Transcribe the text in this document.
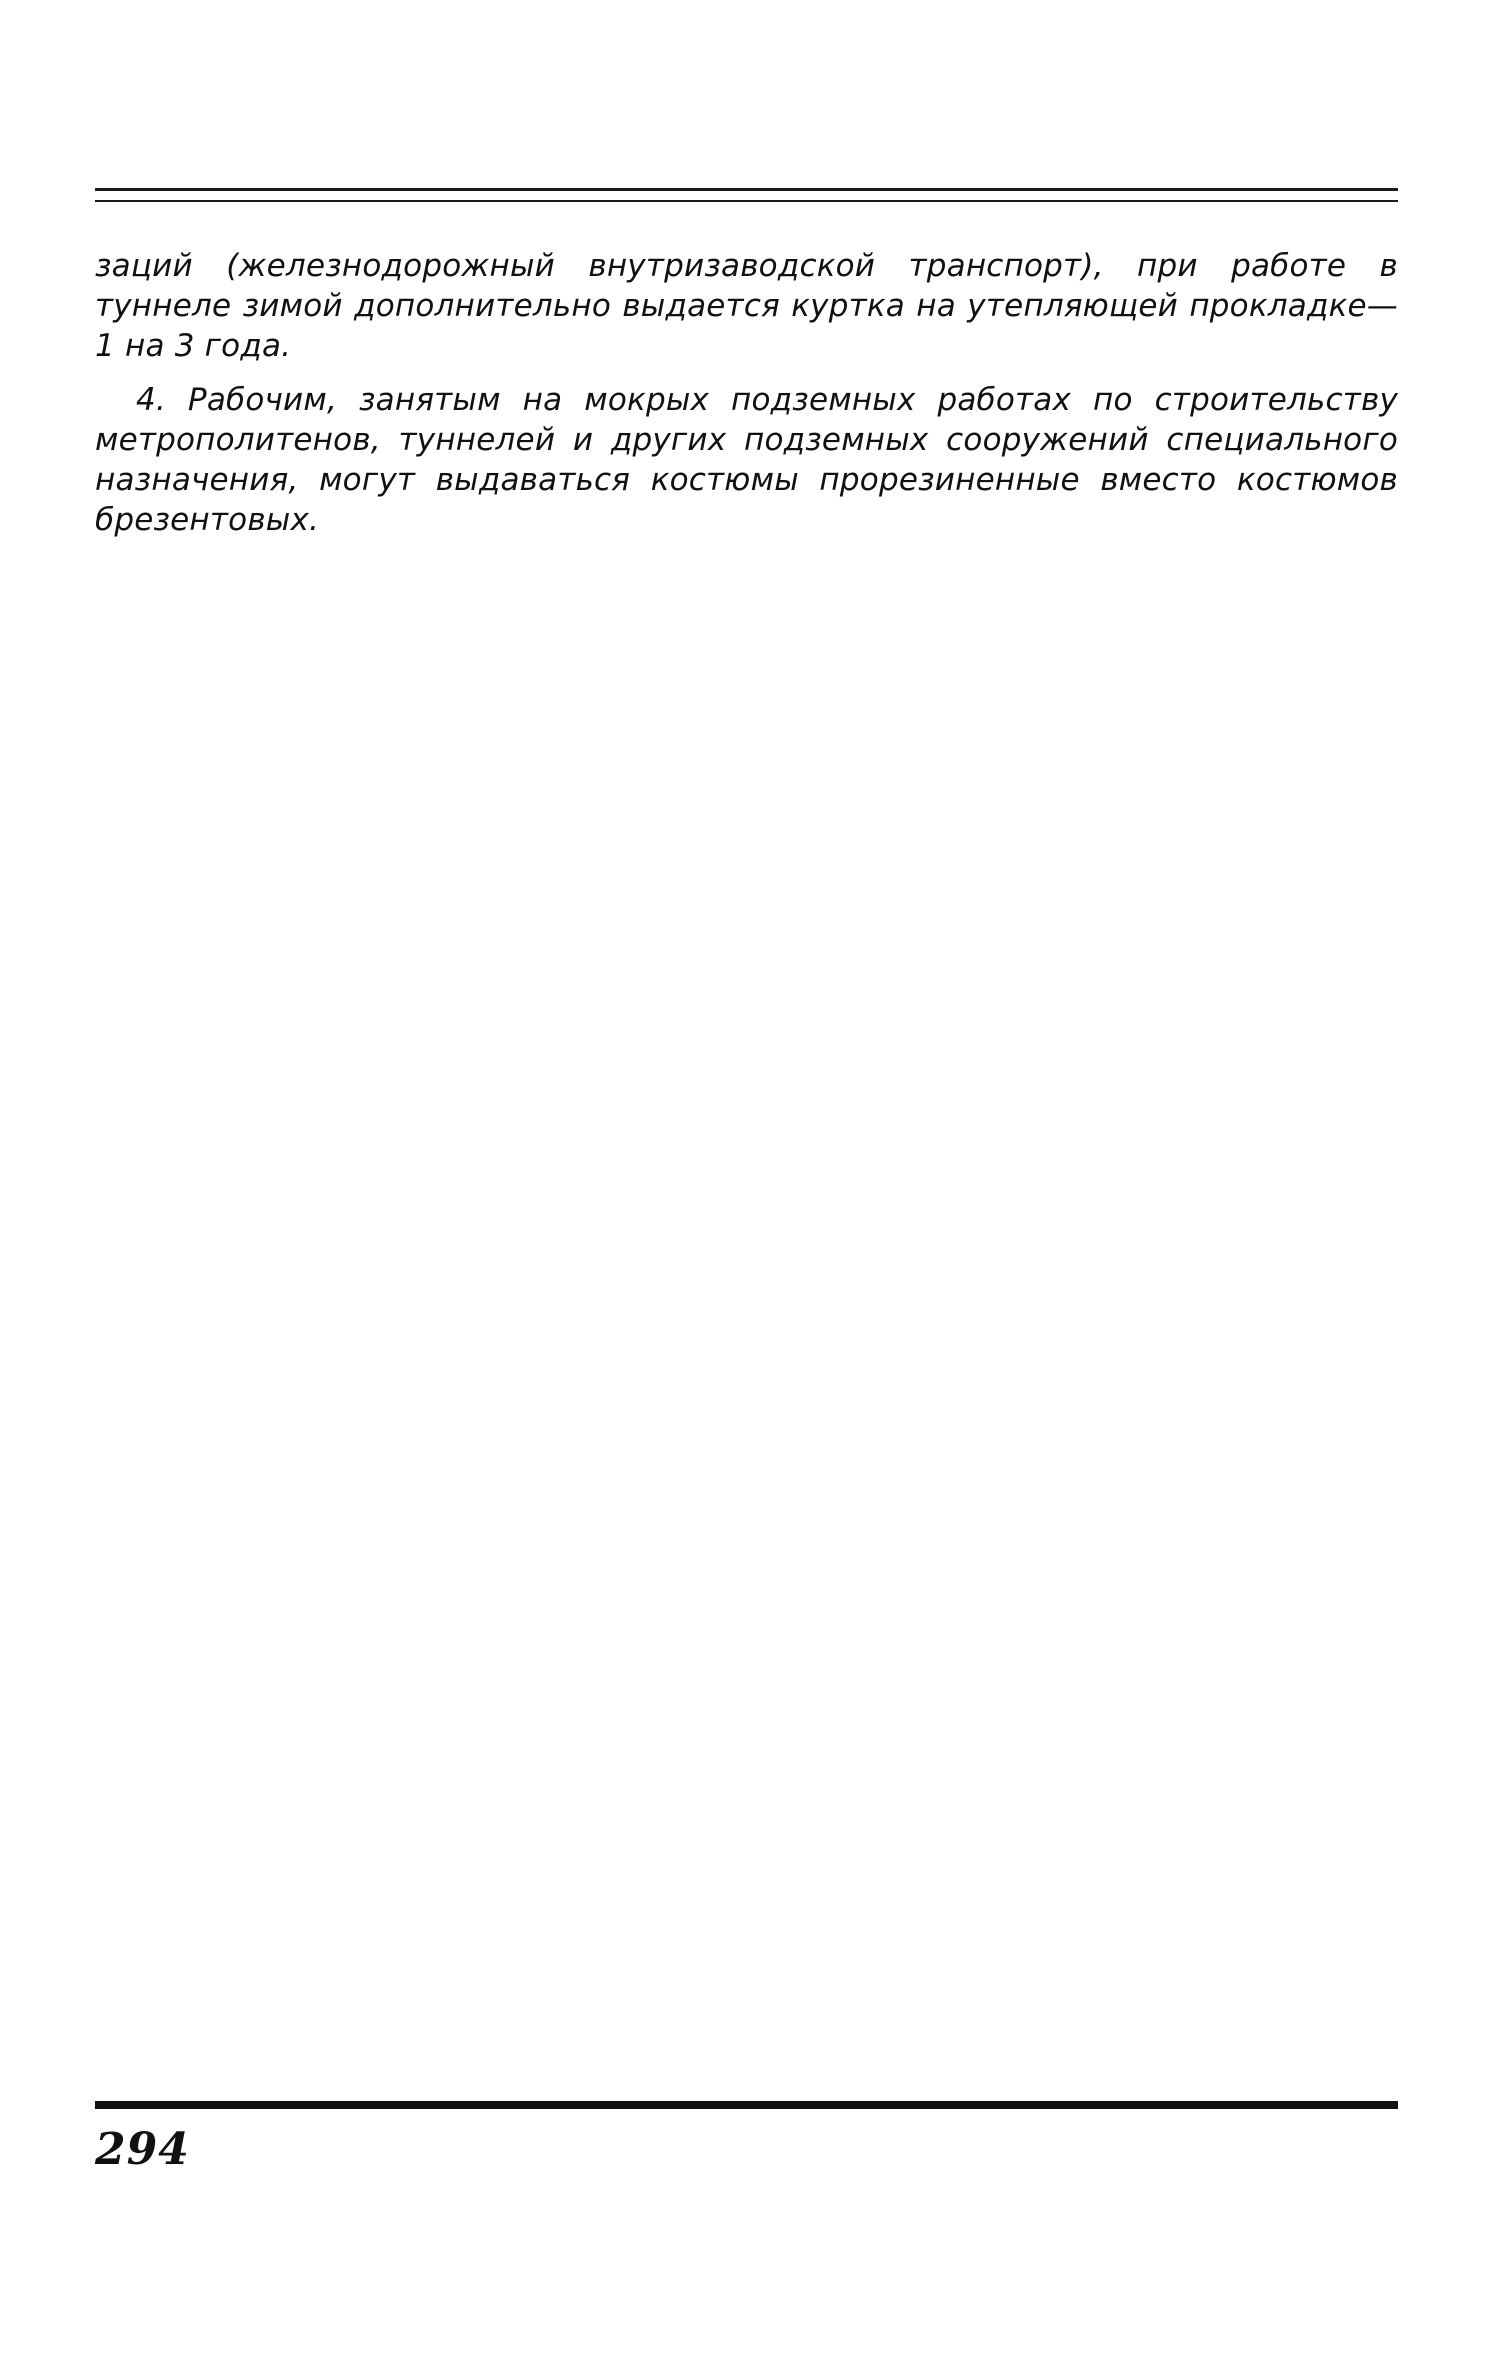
заций (железнодорожный внутризаводской транспорт), при работе в туннеле зимой дополнительно выдается куртка на утепляющей прокладке—1 на 3 года.

4. Рабочим, занятым на мокрых подземных работах по строительству метрополитенов, туннелей и других подземных сооружений специального назначения, могут выдаваться костюмы прорезиненные вместо костюмов брезентовых.

294
